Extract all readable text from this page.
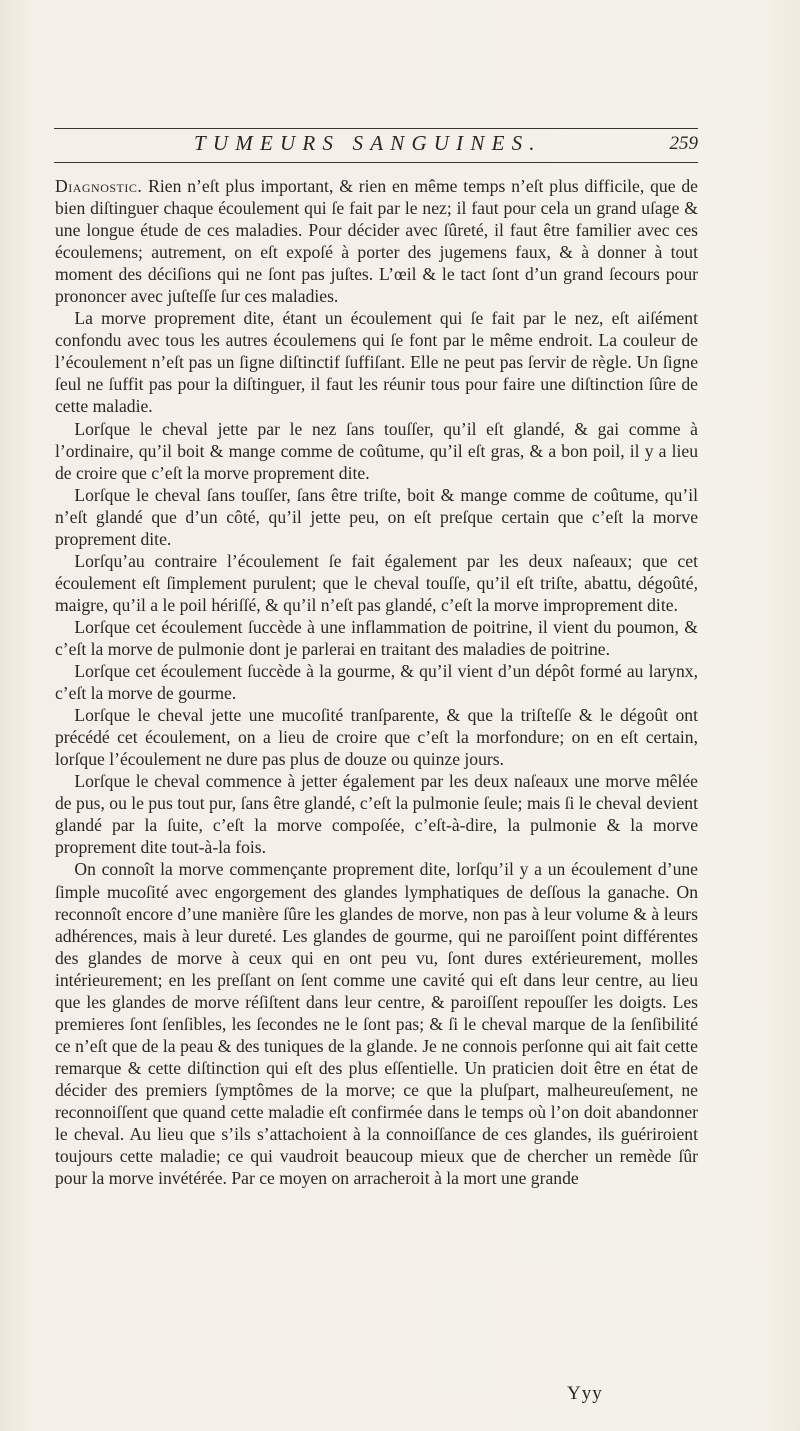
TUMEURS SANGUINES.	259

Diagnostic. Rien n’eſt plus important, & rien en même temps n’eſt plus difficile, que de bien diſtinguer chaque écoulement qui ſe fait par le nez; il faut pour cela un grand uſage & une longue étude de ces maladies. Pour décider avec ſûreté, il faut être familier avec ces écoulemens; autrement, on eſt expoſé à porter des jugemens faux, & à donner à tout moment des déciſions qui ne ſont pas juſtes. L’œil & le tact ſont d’un grand ſecours pour prononcer avec juſteſſe ſur ces maladies.

La morve proprement dite, étant un écoulement qui ſe fait par le nez, eſt aiſément confondu avec tous les autres écoulemens qui ſe font par le même endroit. La couleur de l’écoulement n’eſt pas un ſigne diſtinctif ſuffiſant. Elle ne peut pas ſervir de règle. Un ſigne ſeul ne ſuffit pas pour la diſtinguer, il faut les réunir tous pour faire une diſtinction ſûre de cette maladie.

Lorſque le cheval jette par le nez ſans touſſer, qu’il eſt glandé, & gai comme à l’ordinaire, qu’il boit & mange comme de coûtume, qu’il eſt gras, & a bon poil, il y a lieu de croire que c’eſt la morve proprement dite.

Lorſque le cheval ſans touſſer, ſans être triſte, boit & mange comme de coûtume, qu’il n’eſt glandé que d’un côté, qu’il jette peu, on eſt preſque certain que c’eſt la morve proprement dite.

Lorſqu’au contraire l’écoulement ſe fait également par les deux naſeaux; que cet écoulement eſt ſimplement purulent; que le cheval touſſe, qu’il eſt triſte, abattu, dégoûté, maigre, qu’il a le poil hériſſé, & qu’il n’eſt pas glandé, c’eſt la morve improprement dite.

Lorſque cet écoulement ſuccède à une inflammation de poitrine, il vient du poumon, & c’eſt la morve de pulmonie dont je parlerai en traitant des maladies de poitrine.

Lorſque cet écoulement ſuccède à la gourme, & qu’il vient d’un dépôt formé au larynx, c’eſt la morve de gourme.

Lorſque le cheval jette une mucoſité tranſparente, & que la triſteſſe & le dégoût ont précédé cet écoulement, on a lieu de croire que c’eſt la morfondure; on en eſt certain, lorſque l’écoulement ne dure pas plus de douze ou quinze jours.

Lorſque le cheval commence à jetter également par les deux naſeaux une morve mêlée de pus, ou le pus tout pur, ſans être glandé, c’eſt la pulmonie ſeule; mais ſi le cheval devient glandé par la ſuite, c’eſt la morve compoſée, c’eſt-à-dire, la pulmonie & la morve proprement dite tout-à-la fois.

On connoît la morve commençante proprement dite, lorſqu’il y a un écoulement d’une ſimple mucoſité avec engorgement des glandes lymphatiques de deſſous la ganache. On reconnoît encore d’une manière ſûre les glandes de morve, non pas à leur volume & à leurs adhérences, mais à leur dureté. Les glandes de gourme, qui ne paroiſſent point différentes des glandes de morve à ceux qui en ont peu vu, ſont dures extérieurement, molles intérieurement; en les preſſant on ſent comme une cavité qui eſt dans leur centre, au lieu que les glandes de morve réſiſtent dans leur centre, & paroiſſent repouſſer les doigts. Les premieres ſont ſenſibles, les ſecondes ne le ſont pas; & ſi le cheval marque de la ſenſibilité ce n’eſt que de la peau & des tuniques de la glande. Je ne connois perſonne qui ait fait cette remarque & cette diſtinction qui eſt des plus eſſentielle. Un praticien doit être en état de décider des premiers ſymptômes de la morve; ce que la pluſpart, malheureuſement, ne reconnoiſſent que quand cette maladie eſt confirmée dans le temps où l’on doit abandonner le cheval. Au lieu que s’ils s’attachoient à la connoiſſance de ces glandes, ils guériroient toujours cette maladie; ce qui vaudroit beaucoup mieux que de chercher un remède ſûr pour la morve invétérée. Par ce moyen on arracheroit à la mort une grande

Yyy
